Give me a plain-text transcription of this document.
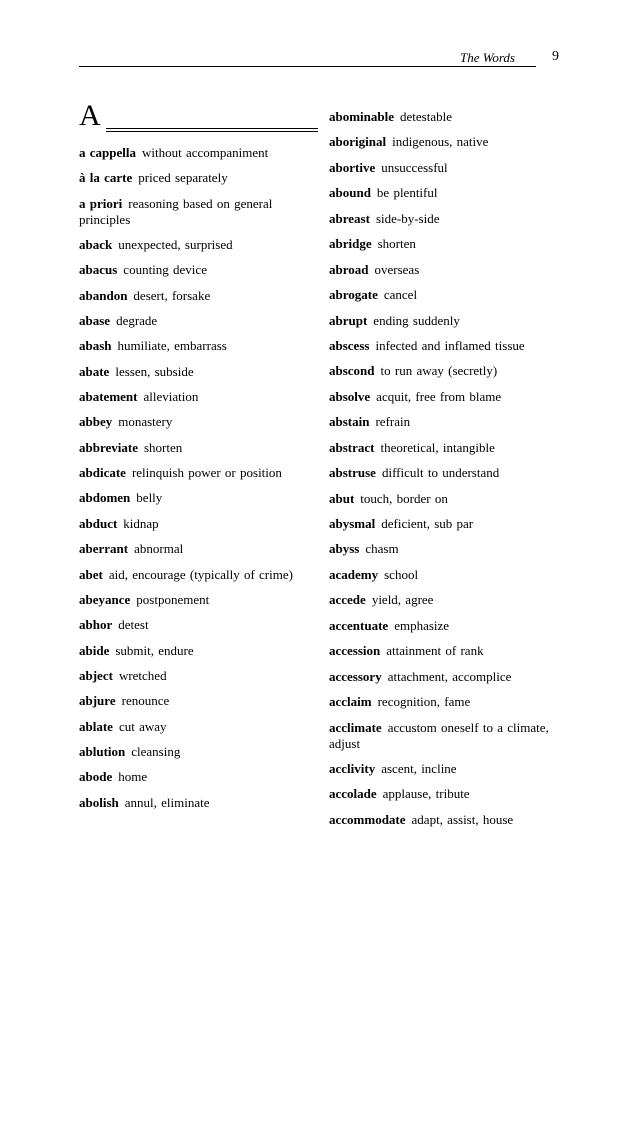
The Words	9
A
a cappella without accompaniment
à la carte priced separately
a priori reasoning based on general principles
aback unexpected, surprised
abacus counting device
abandon desert, forsake
abase degrade
abash humiliate, embarrass
abate lessen, subside
abatement alleviation
abbey monastery
abbreviate shorten
abdicate relinquish power or position
abdomen belly
abduct kidnap
aberrant abnormal
abet aid, encourage (typically of crime)
abeyance postponement
abhor detest
abide submit, endure
abject wretched
abjure renounce
ablate cut away
ablution cleansing
abode home
abolish annul, eliminate
abominable detestable
aboriginal indigenous, native
abortive unsuccessful
abound be plentiful
abreast side-by-side
abridge shorten
abroad overseas
abrogate cancel
abrupt ending suddenly
abscess infected and inflamed tissue
abscond to run away (secretly)
absolve acquit, free from blame
abstain refrain
abstract theoretical, intangible
abstruse difficult to understand
abut touch, border on
abysmal deficient, sub par
abyss chasm
academy school
accede yield, agree
accentuate emphasize
accession attainment of rank
accessory attachment, accomplice
acclaim recognition, fame
acclimate accustom oneself to a climate, adjust
acclivity ascent, incline
accolade applause, tribute
accommodate adapt, assist, house
